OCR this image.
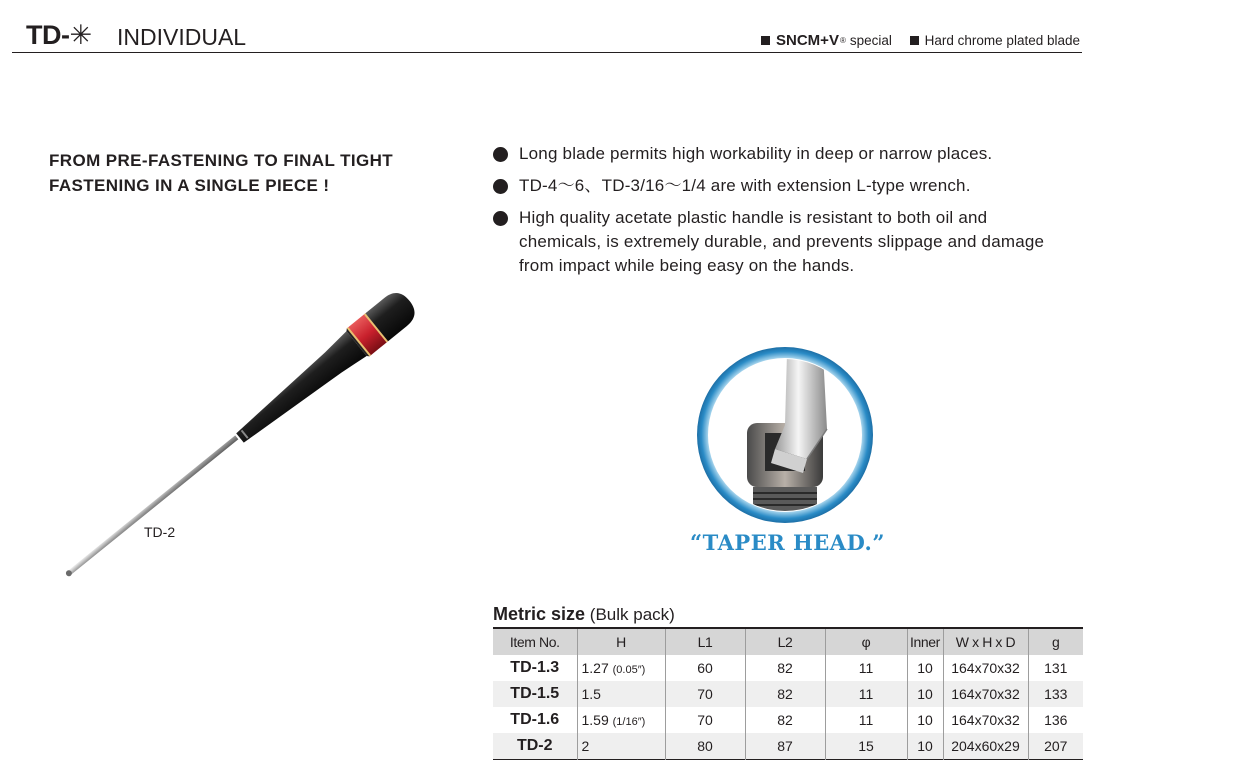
TD-✳ INDIVIDUAL	SNCM+V ® special
Hard chrome plated blade
FROM PRE-FASTENING TO FINAL TIGHT
FASTENING IN A SINGLE PIECE !
TD-2
Long blade permits high workability in deep or narrow places.
TD-4～6、TD-3/16～1/4 are with extension L-type wrench.
High quality acetate plastic handle is resistant to both oil and chemicals, is extremely durable, and prevents slippage and damage from impact while being easy on the hands.
“TAPER HEAD.”
Metric size (Bulk pack)
Item No.	H	L1	L2	φ	Inner	W x H x D	g
TD-1.3	1.27 (0.05″)	60	82	11	10	164x70x32	131
TD-1.5	1.5	70	82	11	10	164x70x32	133
TD-1.6	1.59 (1/16″)	70	82	11	10	164x70x32	136
TD-2	2	80	87	15	10	204x60x29	207
